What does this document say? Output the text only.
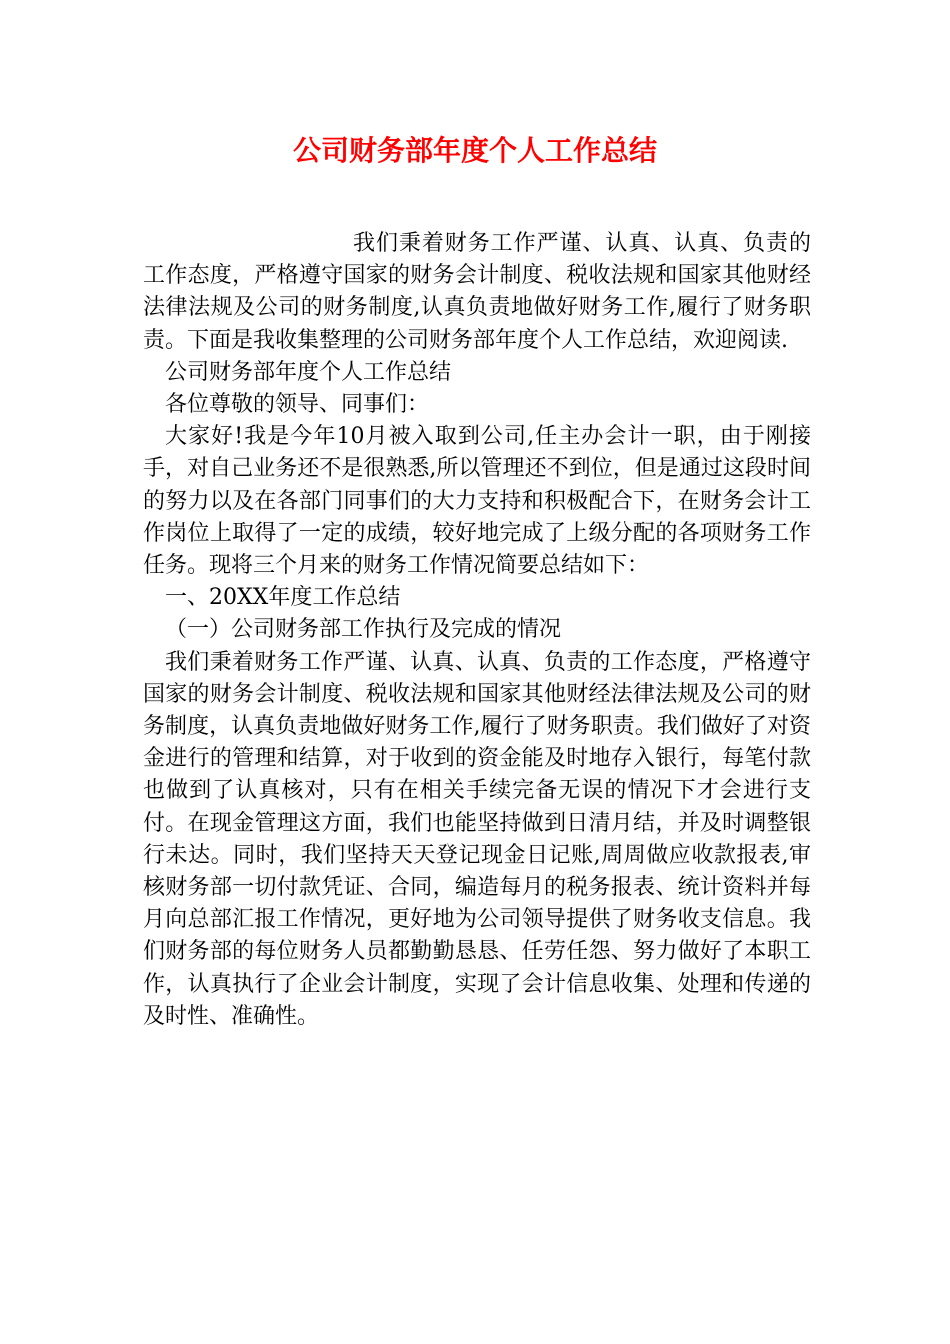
公司财务部年度个人工作总结

我们秉着财务工作严谨、认真、认真、负责的工作态度，严格遵守国家的财务会计制度、税收法规和国家其他财经法律法规及公司的财务制度,认真负责地做好财务工作,履行了财务职责。下面是我收集整理的公司财务部年度个人工作总结，欢迎阅读.

公司财务部年度个人工作总结

各位尊敬的领导、同事们：

大家好!我是今年10月被入取到公司,任主办会计一职，由于刚接手，对自己业务还不是很熟悉,所以管理还不到位，但是通过这段时间的努力以及在各部门同事们的大力支持和积极配合下，在财务会计工作岗位上取得了一定的成绩，较好地完成了上级分配的各项财务工作任务。现将三个月来的财务工作情况简要总结如下：

一、20XX年度工作总结

（一）公司财务部工作执行及完成的情况

我们秉着财务工作严谨、认真、认真、负责的工作态度，严格遵守国家的财务会计制度、税收法规和国家其他财经法律法规及公司的财务制度，认真负责地做好财务工作,履行了财务职责。我们做好了对资金进行的管理和结算，对于收到的资金能及时地存入银行，每笔付款也做到了认真核对，只有在相关手续完备无误的情况下才会进行支付。在现金管理这方面，我们也能坚持做到日清月结，并及时调整银行未达。同时，我们坚持天天登记现金日记账,周周做应收款报表,审核财务部一切付款凭证、合同，编造每月的税务报表、统计资料并每月向总部汇报工作情况，更好地为公司领导提供了财务收支信息。我们财务部的每位财务人员都勤勤恳恳、任劳任怨、努力做好了本职工作，认真执行了企业会计制度，实现了会计信息收集、处理和传递的及时性、准确性。
